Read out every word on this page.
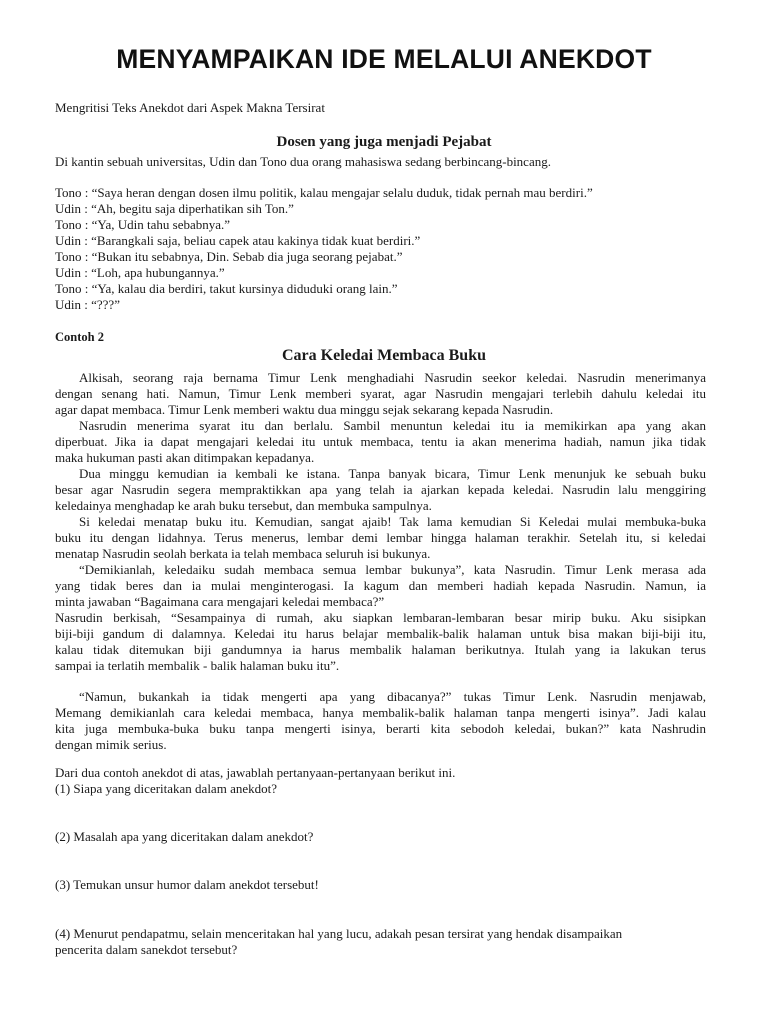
MENYAMPAIKAN IDE MELALUI ANEKDOT
Mengritisi Teks Anekdot dari Aspek Makna Tersirat
Dosen yang juga menjadi Pejabat
Di kantin sebuah universitas, Udin dan Tono dua orang mahasiswa sedang berbincang-bincang.
Tono : “Saya heran dengan dosen ilmu politik, kalau mengajar selalu duduk, tidak pernah mau berdiri.”
Udin : “Ah, begitu saja diperhatikan sih Ton.”
Tono : “Ya, Udin tahu sebabnya.”
Udin : “Barangkali saja, beliau capek atau kakinya tidak kuat berdiri.”
Tono : “Bukan itu sebabnya, Din. Sebab dia juga seorang pejabat.”
Udin : “Loh, apa hubungannya.”
Tono : “Ya, kalau dia berdiri, takut kursinya diduduki orang lain.”
Udin : “???”
Contoh 2
Cara Keledai Membaca Buku
Alkisah, seorang raja bernama Timur Lenk menghadiahi Nasrudin seekor keledai. Nasrudin menerimanya
dengan senang hati. Namun, Timur Lenk memberi syarat, agar Nasrudin mengajari terlebih dahulu keledai itu
agar dapat membaca. Timur Lenk memberi waktu dua minggu sejak sekarang kepada Nasrudin.
Nasrudin menerima syarat itu dan berlalu. Sambil menuntun keledai itu ia memikirkan apa yang akan
diperbuat. Jika ia dapat mengajari keledai itu untuk membaca, tentu ia akan menerima hadiah, namun jika tidak
maka hukuman pasti akan ditimpakan kepadanya.
Dua minggu kemudian ia kembali ke istana. Tanpa banyak bicara, Timur Lenk menunjuk ke sebuah buku
besar agar Nasrudin segera mempraktikkan apa yang telah ia ajarkan kepada keledai. Nasrudin lalu menggiring
keledainya menghadap ke arah buku tersebut, dan membuka sampulnya.
Si keledai menatap buku itu. Kemudian, sangat ajaib! Tak lama kemudian Si Keledai mulai membuka-buka
buku itu dengan lidahnya. Terus menerus, lembar demi lembar hingga halaman terakhir. Setelah itu, si keledai
menatap Nasrudin seolah berkata ia telah membaca seluruh isi bukunya.
“Demikianlah, keledaiku sudah membaca semua lembar bukunya”, kata Nasrudin. Timur Lenk merasa ada
yang tidak beres dan ia mulai menginterogasi. Ia kagum dan memberi hadiah kepada Nasrudin. Namun, ia
minta jawaban “Bagaimana cara mengajari keledai membaca?”
Nasrudin berkisah, “Sesampainya di rumah, aku siapkan lembaran-lembaran besar mirip buku. Aku sisipkan
biji-biji gandum di dalamnya. Keledai itu harus belajar membalik-balik halaman untuk bisa makan biji-biji itu,
kalau tidak ditemukan biji gandumnya ia harus membalik halaman berikutnya. Itulah yang ia lakukan terus
sampai ia terlatih membalik - balik halaman buku itu”.
“Namun, bukankah ia tidak mengerti apa yang dibacanya?” tukas Timur Lenk. Nasrudin menjawab,
Memang demikianlah cara keledai membaca, hanya membalik-balik halaman tanpa mengerti isinya”. Jadi kalau
kita juga membuka-buka buku tanpa mengerti isinya, berarti kita sebodoh keledai, bukan?” kata Nashrudin
dengan mimik serius.
Dari dua contoh anekdot di atas, jawablah pertanyaan-pertanyaan berikut ini.
(1) Siapa yang diceritakan dalam anekdot?
(2) Masalah apa yang diceritakan dalam anekdot?
(3) Temukan unsur humor dalam anekdot tersebut!
(4) Menurut pendapatmu, selain menceritakan hal yang lucu, adakah pesan tersirat yang hendak disampaikan
pencerita dalam sanekdot tersebut?
